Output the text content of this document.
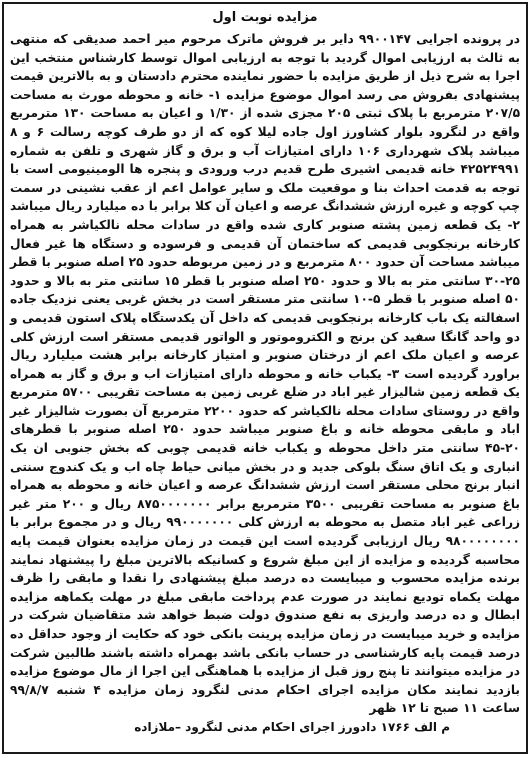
مزایده نوبت اول

در پرونده اجرایی ۹۹۰۰۱۴۷ دایر بر فروش ماترک مرحوم میر احمد صدیقی که منتهی به ثالث به ارزیابی اموال گردید با توجه به ارزیابی اموال توسط کارشناس منتخب این اجرا به شرح ذیل از طریق مزایده با حضور نماینده محترم دادستان و به بالاترین قیمت پیشنهادی بفروش می رسد اموال موضوع مزایده ۱- خانه و محوطه مورث به مساحت ۲۰۷/۵ مترمربع با پلاک ثبتی ۲۰۵ مجزی شده از ۱/۳۰ و اعیان به مساحت ۱۳۰ مترمربع واقع در لنگرود بلوار کشاورز اول جاده لیلا کوه که از دو طرف کوچه رسالت ۶ و ۸ میباشد پلاک شهرداری ۱۰۶ دارای امتیازات آب و برق و گاز شهری و تلفن به شماره ۴۲۵۲۴۹۹۱ خانه قدیمی اشیری طرح قدیم درب ورودی و پنجره ها الومینیومی است با توجه به قدمت احداث بنا و موقعیت ملک و سایر عوامل اعم از عقب نشینی در سمت چپ کوچه و غیره ارزش ششدانگ عرصه و اعیان آن کلا برابر با ده میلیارد ریال میباشد ۲- یک قطعه زمین پشته صنوبر کاری شده واقع در سادات محله نالکیاشر به همراه کارخانه برنجکوبی قدیمی که ساختمان آن قدیمی و فرسوده و دستگاه ها غیر فعال میباشد مساحت آن حدود ۸۰۰ مترمربع و در زمین مربوطه حدود ۲۵ اصله صنوبر با قطر ۲۵-۳۰ سانتی متر به بالا و حدود ۲۵۰ اصله صنوبر با قطر ۱۵ سانتی متر به بالا و حدود ۵۰ اصله صنوبر با قطر ۵-۱۰ سانتی متر مستقر است در بخش غربی یعنی نزدیک جاده اسفالته یک باب کارخانه برنجکوبی قدیمی که داخل آن یکدستگاه پلاک استون قدیمی و دو واحد گانگا سفید کن برنج و الکتروموتور و الواتور قدیمی مستقر است ارزش کلی عرصه و اعیان ملک اعم از درختان صنوبر و امتیاز کارخانه برابر هشت میلیارد ریال براورد گردیده است ۳- یکباب خانه و محوطه دارای امتیازات اب و برق و گاز به همراه یک قطعه زمین شالیزار غیر اباد در ضلع غربی زمین به مساحت تقریبی ۵۷۰۰ مترمربع واقع در روستای سادات محله نالکیاشر که حدود ۲۲۰۰ مترمربع آن بصورت شالیزار غیر اباد و مابقی محوطه خانه و باغ صنوبر میباشد حدود ۲۵۰ اصله صنوبر با قطرهای ۲۰-۴۵ سانتی متر داخل محوطه و یکباب خانه قدیمی چوبی که بخش جنوبی ان یک انباری و یک اتاق سنگ بلوکی جدید و در بخش میانی حیاط چاه اب و یک کندوج سنتی انبار برنج محلی مستقر است ارزش ششدانگ عرصه و اعیان خانه و محوطه به همراه باغ صنوبر به مساحت تقریبی ۳۵۰۰ مترمربع برابر ۸۷۵۰۰۰۰۰۰۰ ریال و ۲۰۰ متر غیر زراعی غیر اباد متصل به محوطه به ارزش کلی ۹۹۰۰۰۰۰۰۰ ریال و در مجموع برابر با ۹۸۰۰۰۰۰۰۰۰ ریال ارزیابی گردیده است این قیمت در زمان مزایده بعنوان قیمت پایه محاسبه گردیده و مزایده از این مبلغ شروع و کسانیکه بالاترین مبلغ را پیشنهاد نمایند برنده مزایده محسوب و میبایست ده درصد مبلغ پیشنهادی را نقدا و مابقی را ظرف مهلت یکماه تودیع نمایند در صورت عدم پرداخت مابقی مبلغ در مهلت یکماهه مزایده ابطال و ده درصد واریزی به نفع صندوق دولت ضبط خواهد شد متقاضیان شرکت در مزایده و خرید میبایست در زمان مزایده پرینت بانکی خود که حکایت از وجود حداقل ده درصد قیمت پایه کارشناسی در حساب بانکی باشد بهمراه داشته باشند طالبین شرکت در مزایده میتوانند تا پنج روز قبل از مزایده با هماهنگی این اجرا از مال موضوع مزایده بازدید نمایند مکان مزایده اجرای احکام مدنی لنگرود زمان مزایده ۴ شنبه ۹۹/۸/۷ ساعت ۱۱ صبح تا ۱۲ ظهر

م الف ۱۷۶۶ دادورز اجرای احکام مدنی لنگرود –ملازاده
